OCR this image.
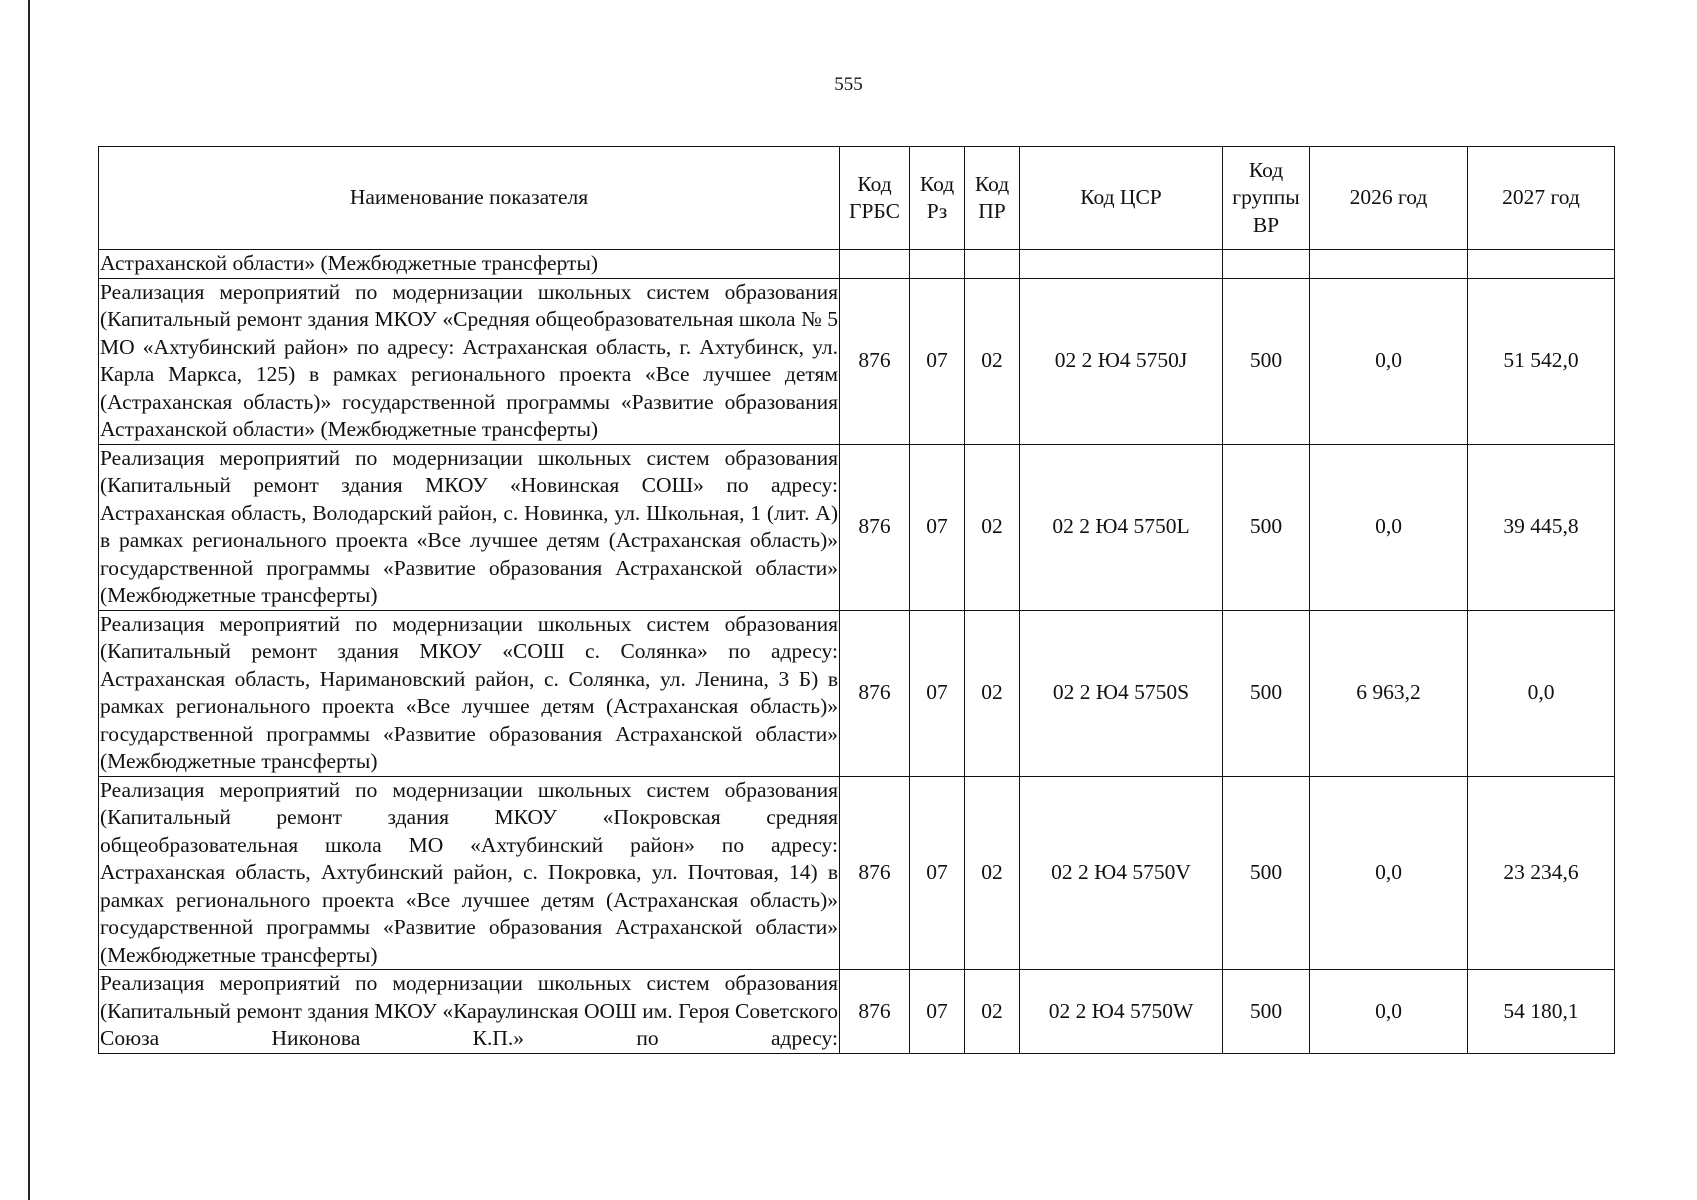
555
Наименование показателя	Код ГРБС	Код Рз	Код ПР	Код ЦСР	Код группы ВР	2026 год	2027 год
Астраханской области» (Межбюджетные трансферты)							
Реализация мероприятий по модернизации школьных систем образования (Капитальный ремонт здания МКОУ «Средняя общеобразовательная школа № 5 МО «Ахтубинский район» по адресу: Астраханская область, г. Ахтубинск, ул. Карла Маркса, 125) в рамках регионального проекта «Все лучшее детям (Астраханская область)» государственной программы «Развитие образования Астраханской области» (Межбюджетные трансферты)	876	07	02	02 2 Ю4 5750J	500	0,0	51 542,0
Реализация мероприятий по модернизации школьных систем образования (Капитальный ремонт здания МКОУ «Новинская СОШ» по адресу: Астраханская область, Володарский район, с. Новинка, ул. Школьная, 1 (лит. А) в рамках регионального проекта «Все лучшее детям (Астраханская область)» государственной программы «Развитие образования Астраханской области» (Межбюджетные трансферты)	876	07	02	02 2 Ю4 5750L	500	0,0	39 445,8
Реализация мероприятий по модернизации школьных систем образования (Капитальный ремонт здания МКОУ «СОШ с. Солянка» по адресу: Астраханская область, Наримановский район, с. Солянка, ул. Ленина, 3 Б) в рамках регионального проекта «Все лучшее детям (Астраханская область)» государственной программы «Развитие образования Астраханской области» (Межбюджетные трансферты)	876	07	02	02 2 Ю4 5750S	500	6 963,2	0,0
Реализация мероприятий по модернизации школьных систем образования (Капитальный ремонт здания МКОУ «Покровская средняя общеобразовательная школа МО «Ахтубинский район» по адресу: Астраханская область, Ахтубинский район, с. Покровка, ул. Почтовая, 14) в рамках регионального проекта «Все лучшее детям (Астраханская область)» государственной программы «Развитие образования Астраханской области» (Межбюджетные трансферты)	876	07	02	02 2 Ю4 5750V	500	0,0	23 234,6
Реализация мероприятий по модернизации школьных систем образования (Капитальный ремонт здания МКОУ «Караулинская ООШ им. Героя Советского Союза Никонова К.П.» по адресу:	876	07	02	02 2 Ю4 5750W	500	0,0	54 180,1
